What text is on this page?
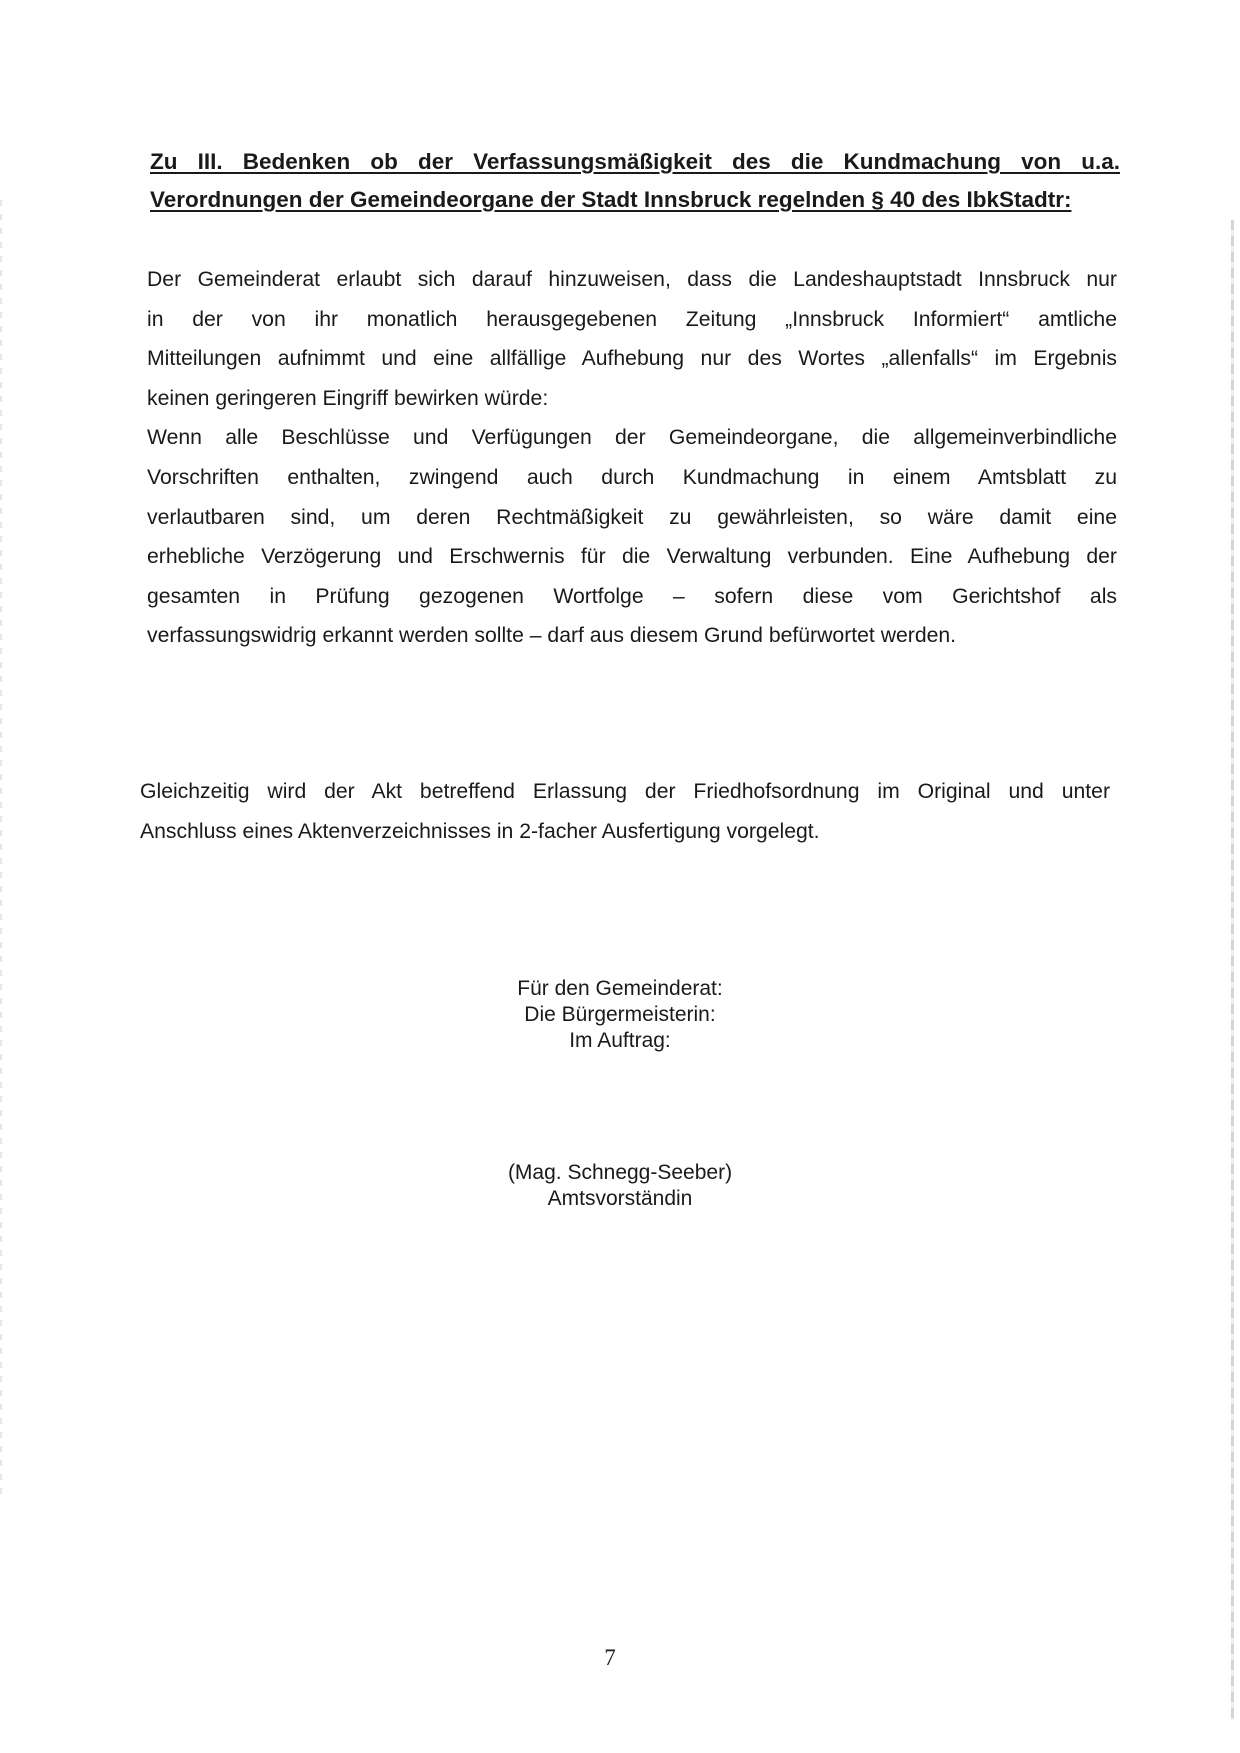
Zu III. Bedenken ob der Verfassungsmäßigkeit des die Kundmachung von u.a.
Verordnungen der Gemeindeorgane der Stadt Innsbruck regelnden § 40 des IbkStadtr:
Der Gemeinderat erlaubt sich darauf hinzuweisen, dass die Landeshauptstadt Innsbruck nur
in der von ihr monatlich herausgegebenen Zeitung „Innsbruck Informiert“ amtliche
Mitteilungen aufnimmt und eine allfällige Aufhebung nur des Wortes „allenfalls“ im Ergebnis
keinen geringeren Eingriff bewirken würde:
Wenn alle Beschlüsse und Verfügungen der Gemeindeorgane, die allgemeinverbindliche
Vorschriften enthalten, zwingend auch durch Kundmachung in einem Amtsblatt zu
verlautbaren sind, um deren Rechtmäßigkeit zu gewährleisten, so wäre damit eine
erhebliche Verzögerung und Erschwernis für die Verwaltung verbunden. Eine Aufhebung der
gesamten in Prüfung gezogenen Wortfolge – sofern diese vom Gerichtshof als
verfassungswidrig erkannt werden sollte – darf aus diesem Grund befürwortet werden.
Gleichzeitig wird der Akt betreffend Erlassung der Friedhofsordnung im Original und unter
Anschluss eines Aktenverzeichnisses in 2-facher Ausfertigung vorgelegt.
Für den Gemeinderat:
Die Bürgermeisterin:
Im Auftrag:
(Mag. Schnegg-Seeber)
Amtsvorständin
7
